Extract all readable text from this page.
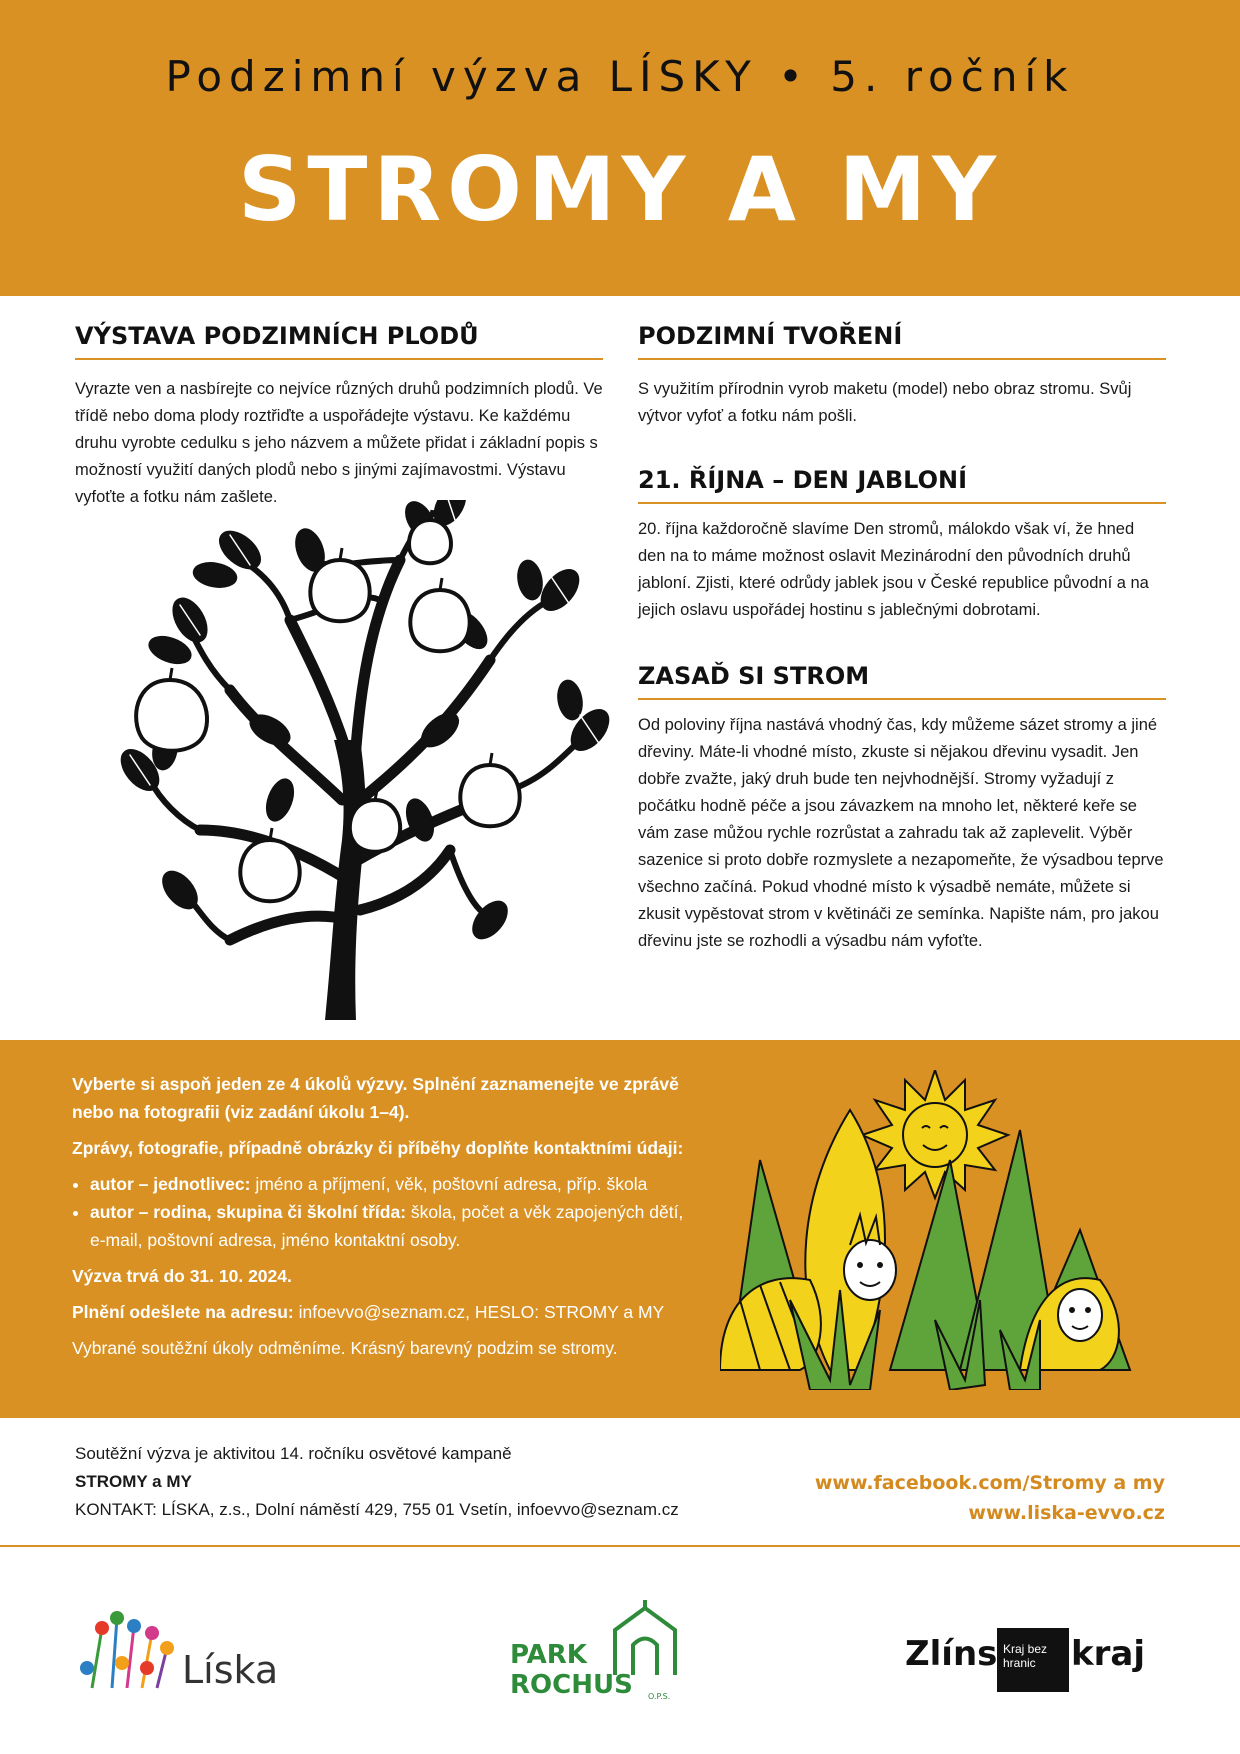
Podzimní výzva LÍSKY • 5. ročník
STROMY A MY
VÝSTAVA PODZIMNÍCH PLODŮ
Vyrazte ven a nasbírejte co nejvíce různých druhů podzimních plodů. Ve třídě nebo doma plody roztřiďte a uspořádejte výstavu. Ke každému druhu vyrobte cedulku s jeho názvem a můžete přidat i základní popis s možností využití daných plodů nebo s jinými zajímavostmi. Výstavu vyfoťte a fotku nám zašlete.
PODZIMNÍ TVOŘENÍ
S využitím přírodnin vyrob maketu (model) nebo obraz stromu. Svůj výtvor vyfoť a fotku nám pošli.
21. ŘÍJNA – DEN JABLONÍ
20. října každoročně slavíme Den stromů, málokdo však ví, že hned den na to máme možnost oslavit Mezinárodní den původních druhů jabloní. Zjisti, které odrůdy jablek jsou v České republice původní a na jejich oslavu uspořádej hostinu s jablečnými dobrotami.
ZASAĎ SI STROM
Od poloviny října nastává vhodný čas, kdy můžeme sázet stromy a jiné dřeviny. Máte-li vhodné místo, zkuste si nějakou dřevinu vysadit. Jen dobře zvažte, jaký druh bude ten nejvhodnější. Stromy vyžadují z počátku hodně péče a jsou závazkem na mnoho let, některé keře se vám zase můžou rychle rozrůstat a zahradu tak až zaplevelit. Výběr sazenice si proto dobře rozmyslete a nezapomeňte, že výsadbou teprve všechno začíná. Pokud vhodné místo k výsadbě nemáte, můžete si zkusit vypěstovat strom v květináči ze semínka. Napište nám, pro jakou dřevinu jste se rozhodli a výsadbu nám vyfoťte.

Vyberte si aspoň jeden ze 4 úkolů výzvy. Splnění zaznamenejte ve zprávě nebo na fotografii (viz zadání úkolu 1–4).

Zprávy, fotografie, případně obrázky či příběhy doplňte kontaktními údaji:

• autor – jednotlivec: jméno a příjmení, věk, poštovní adresa, příp. škola
• autor – rodina, skupina či školní třída: škola, počet a věk zapojených dětí, e-mail, poštovní adresa, jméno kontaktní osoby.

Výzva trvá do 31. 10. 2024.

Plnění odešlete na adresu: infoevvo@seznam.cz, HESLO: STROMY a MY

Vybrané soutěžní úkoly odměníme. Krásný barevný podzim se stromy.

Soutěžní výzva je aktivitou 14. ročníku osvětové kampaně
STROMY a MY
KONTAKT: LÍSKA, z.s., Dolní náměstí 429, 755 01 Vsetín, infoevvo@seznam.cz
www.facebook.com/Stromy a my
www.liska-evvo.cz
Líska	PARK
ROCHUS O.P.S.
Zlíns Kraj bez
hranic	kraj
